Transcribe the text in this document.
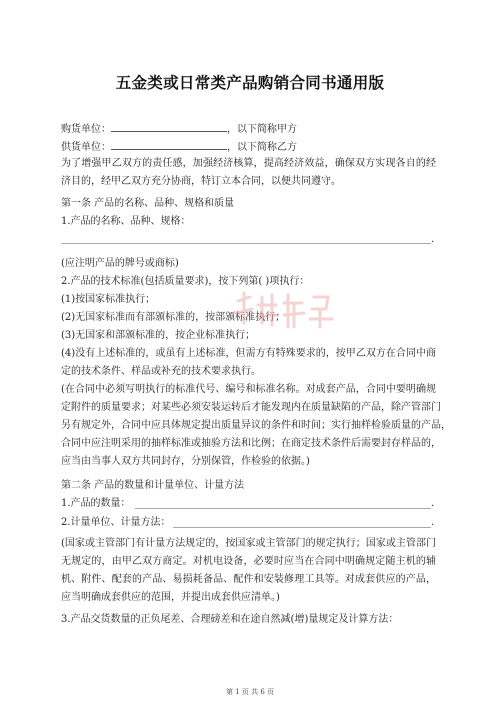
五金类或日常类产品购销合同书通用版
购货单位：	，以下简称甲方
供货单位：	，以下简称乙方
为了增强甲乙双方的责任感，加强经济核算，提高经济效益，确保双方实现各自的经
济目的，经甲乙双方充分协商，特订立本合同，以便共同遵守。
第一条 产品的名称、品种、规格和质量
1.产品的名称、品种、规格：
.
(应注明产品的牌号或商标)
2.产品的技术标准(包括质量要求)，按下列第( )项执行：
(1)按国家标准执行；
(2)无国家标准而有部颁标准的，按部颁标准执行；
(3)无国家和部颁标准的，按企业标准执行；
(4)没有上述标准的，或虽有上述标准，但需方有特殊要求的，按甲乙双方在合同中商
定的技术条件、样品或补充的技术要求执行。
(在合同中必须写明执行的标准代号、编号和标准名称。对成套产品，合同中要明确规
定附件的质量要求；对某些必须安装运转后才能发现内在质量缺陷的产品，除产管部门
另有规定外，合同中应具体规定提出质量异议的条件和时间；实行抽样检验质量的产品，
合同中应注明采用的抽样标准或抽验方法和比例；在商定技术条件后需要封存样品的，
应当由当事人双方共同封存，分别保管，作检验的依据。)
第二条 产品的数量和计量单位、计量方法
1.产品的数量：	.
2.计量单位、计量方法：	.
(国家或主管部门有计量方法规定的，按国家或主管部门的规定执行；国家或主管部门
无规定的，由甲乙双方商定。对机电设备，必要时应当在合同中明确规定随主机的辅
机、附件、配套的产品、易损耗备品、配件和安装修理工具等。对成套供应的产品，
应当明确成套供应的范围，并提出成套供应清单。)
3.产品交货数量的正负尾差、合理磅差和在途自然减(增)量规定及计算方法：
第 1 页 共 6 页
